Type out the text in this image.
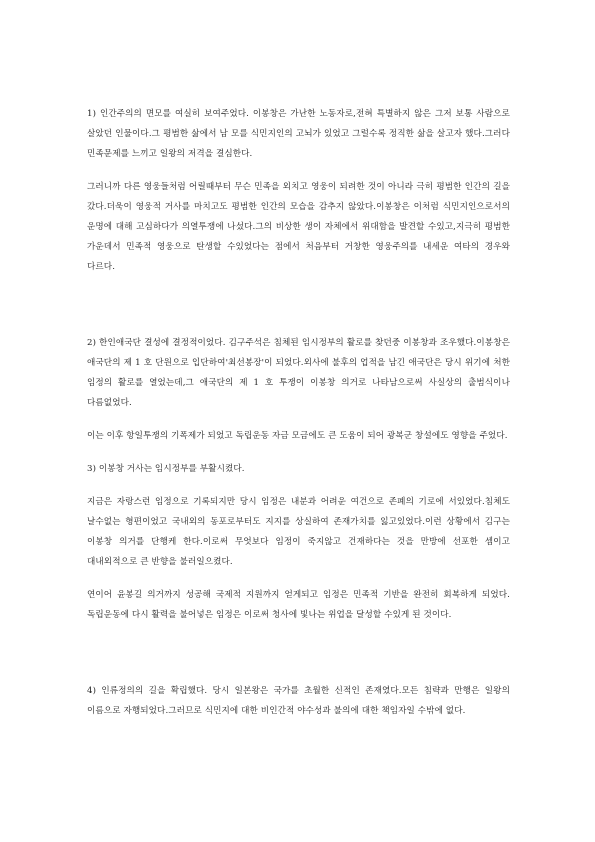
1) 인간주의의 면모를 여실히 보여주었다. 이봉창은 가난한 노동자로,전혀 특별하지 않은 그저 보통 사람으로 살았던 인물이다.그 평범한 삶에서 남 모를 식민지인의 고뇌가 있었고 그럴수록 정직한 삶을 살고자 했다.그러다 민족문제를 느끼고 일왕의 저격을 결심한다.

그러니까 다른 영웅들처럼 어릴때부터 무슨 민족을 외치고 영웅이 되려한 것이 아니라 극히 평범한 인간의 길을 갔다.더욱이 영웅적 거사를 마치고도 평범한 인간의 모습을 감추지 않았다.이봉창은 이처럼 식민지인으로서의 운명에 대해 고심하다가 의열투쟁에 나섰다.그의 비상한 생이 자체에서 위대함을 발견할 수있고,지극히 평범한 가운데서 민족적 영웅으로 탄생할 수있었다는 점에서 처음부터 거창한 영웅주의를 내세운 여타의 경우와 다르다.

2) 한인애국단 결성에 결정적이었다. 김구주석은 침체된 임시정부의 활로를 찾던중 이봉창과 조우했다.이봉창은 애국단의 제 1 호 단원으로 입단하여'최선봉장'이 되었다.외사에 불후의 업적을 남긴 애국단은 당시 위기에 처한 임정의 활로를 열었는데,그 애국단의 제 1 호 투쟁이 이봉창 의거로 나타남으로써 사실상의 출범식이나 다름없었다.

이는 이후 항일투쟁의 기폭제가 되었고 독립운동 자금 모금에도 큰 도움이 되어 광복군 창설에도 영향을 주었다.

3) 이봉창 거사는 임시정부를 부활시켰다.

지금은 자랑스런 임정으로 기록되지만 당시 임정은 내분과 어려운 여건으로 존폐의 기로에 서있었다.침체도 날수없는 형편이었고 국내외의 동포로부터도 지지를 상실하여 존재가치를 잃고있었다.이런 상황에서 김구는 이봉창 의거를 단행케 한다.이로써 무엇보다 임정이 죽지않고 건재하다는 것을 만방에 선포한 셈이고 대내외적으로 큰 반향을 불러일으켰다.

연이어 윤봉길 의거까지 성공해 국제적 지원까지 얻게되고 임정은 민족적 기반을 완전히 회복하게 되었다.독립운동에 다시 활력을 불어넣은 임정은 이로써 청사에 빛나는 위업을 달성할 수있게 된 것이다.

4) 인류정의의 길을 확립했다. 당시 일본왕은 국가를 초월한 신적인 존재였다.모든 침략과 만행은 일왕의 이름으로 자행되었다.그러므로 식민지에 대한 비인간적 야수성과 불의에 대한 책임자일 수밖에 없다.
